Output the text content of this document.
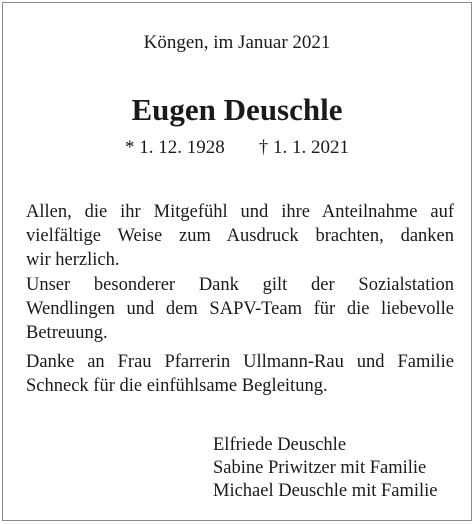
Köngen, im Januar 2021

Eugen Deuschle

* 1. 12. 1928 † 1. 1. 2021

Allen, die ihr Mitgefühl und ihre Anteilnahme auf
vielfältige Weise zum Ausdruck brachten, danken
wir herzlich.
Unser besonderer Dank gilt der Sozialstation
Wendlingen und dem SAPV-Team für die liebevolle
Betreuung.
Danke an Frau Pfarrerin Ullmann-Rau und Familie
Schneck für die einfühlsame Begleitung.
Elfriede Deuschle
Sabine Priwitzer mit Familie
Michael Deuschle mit Familie
